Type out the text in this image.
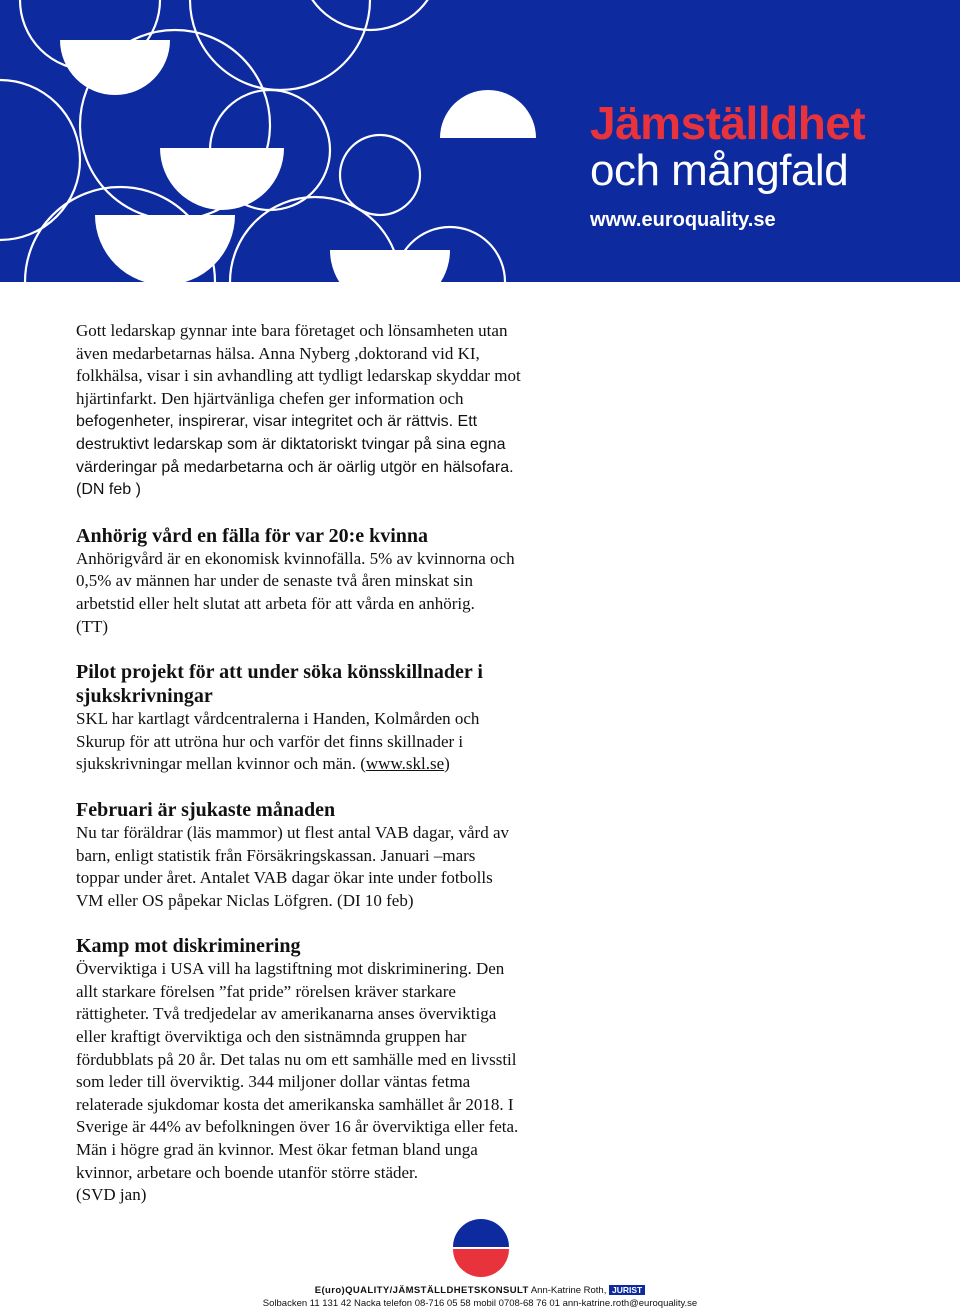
Jämställdhet
och mångfald
www.euroquality.se
Gott ledarskap gynnar inte bara företaget och lönsamheten utan
även medarbetarnas hälsa. Anna Nyberg ,doktorand vid KI,
folkhälsa, visar i sin avhandling att tydligt ledarskap skyddar mot
hjärtinfarkt. Den hjärtvänliga chefen ger information och
befogenheter, inspirerar, visar integritet och är rättvis. Ett
destruktivt ledarskap som är diktatoriskt tvingar på sina egna
värderingar på medarbetarna och är oärlig utgör en hälsofara.
(DN feb )
Anhörig vård en fälla för var 20:e kvinna
Anhörigvård är en ekonomisk kvinnofälla. 5% av kvinnorna och
0,5% av männen har under de senaste två åren minskat sin
arbetstid eller helt slutat att arbeta för att vårda en anhörig.
(TT)
Pilot projekt för att under söka könsskillnader i
sjukskrivningar
SKL har kartlagt vårdcentralerna i Handen, Kolmården och
Skurup för att utröna hur och varför det finns skillnader i
sjukskrivningar mellan kvinnor och män. (www.skl.se)
Februari är sjukaste månaden
Nu tar föräldrar (läs mammor) ut flest antal VAB dagar, vård av
barn, enligt statistik från Försäkringskassan. Januari –mars
toppar under året. Antalet VAB dagar ökar inte under fotbolls
VM eller OS påpekar Niclas Löfgren. (DI 10 feb)
Kamp mot diskriminering
Överviktiga i USA vill ha lagstiftning mot diskriminering. Den
allt starkare förelsen ”fat pride” rörelsen kräver starkare
rättigheter. Två tredjedelar av amerikanarna anses överviktiga
eller kraftigt överviktiga och den sistnämnda gruppen har
fördubblats på 20 år. Det talas nu om ett samhälle med en livsstil
som leder till överviktig. 344 miljoner dollar väntas fetma
relaterade sjukdomar kosta det amerikanska samhället år 2018. I
Sverige är 44% av befolkningen över 16 år överviktiga eller feta.
Män i högre grad än kvinnor. Mest ökar fetman bland unga
kvinnor, arbetare och boende utanför större städer.
(SVD jan)
E(uro)QUALITY/JÄMSTÄLLDHETSKONSULT Ann-Katrine Roth, JURIST
Solbacken 11 131 42 Nacka telefon 08-716 05 58 mobil 0708-68 76 01 ann-katrine.roth@euroquality.se
